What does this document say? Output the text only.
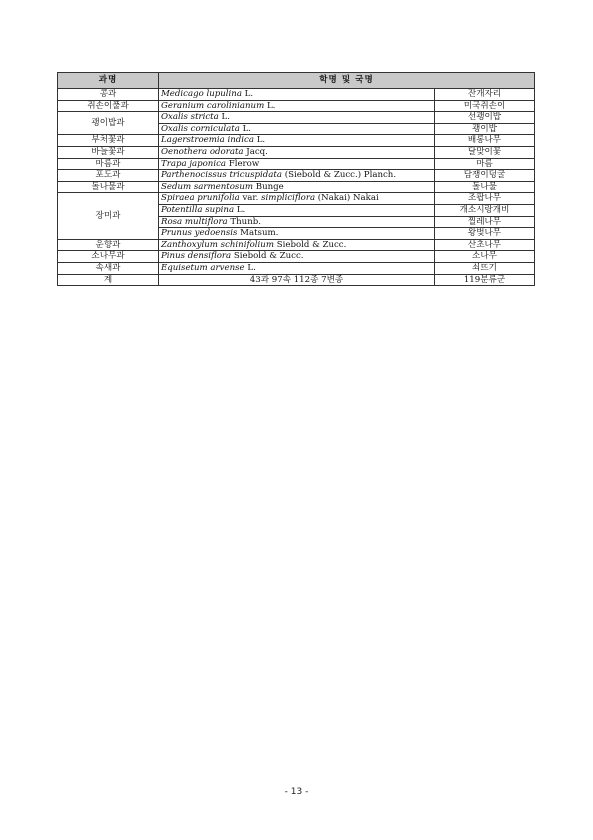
과명	학명 및 국명	
콩과	Medicago lupulina L.	잔개자리
쥐손이풀과	Geranium carolinianum L.	미국쥐손이
괭이밥과	Oxalis stricta L.	선괭이밥
	Oxalis corniculata L.	괭이밥
부처꽃과	Lagerstroemia indica L.	배롱나무
바늘꽃과	Oenothera odorata Jacq.	달맞이꽃
마름과	Trapa japonica Flerow	마름
포도과	Parthenocissus tricuspidata (Siebold & Zucc.) Planch.	담쟁이덩굴
돌나물과	Sedum sarmentosum Bunge	돌나물
장미과	Spiraea prunifolia var. simpliciflora (Nakai) Nakai	조팝나무
	Potentilla supina L.	개소시랑개비
	Rosa multiflora Thunb.	찔레나무
	Prunus yedoensis Matsum.	왕벚나무
운향과	Zanthoxylum schinifolium Siebold & Zucc.	산초나무
소나무과	Pinus densiflora Siebold & Zucc.	소나무
속새과	Equisetum arvense L.	쇠뜨기
계	43과 97속 112종 7변종	119분류군
- 13 -
